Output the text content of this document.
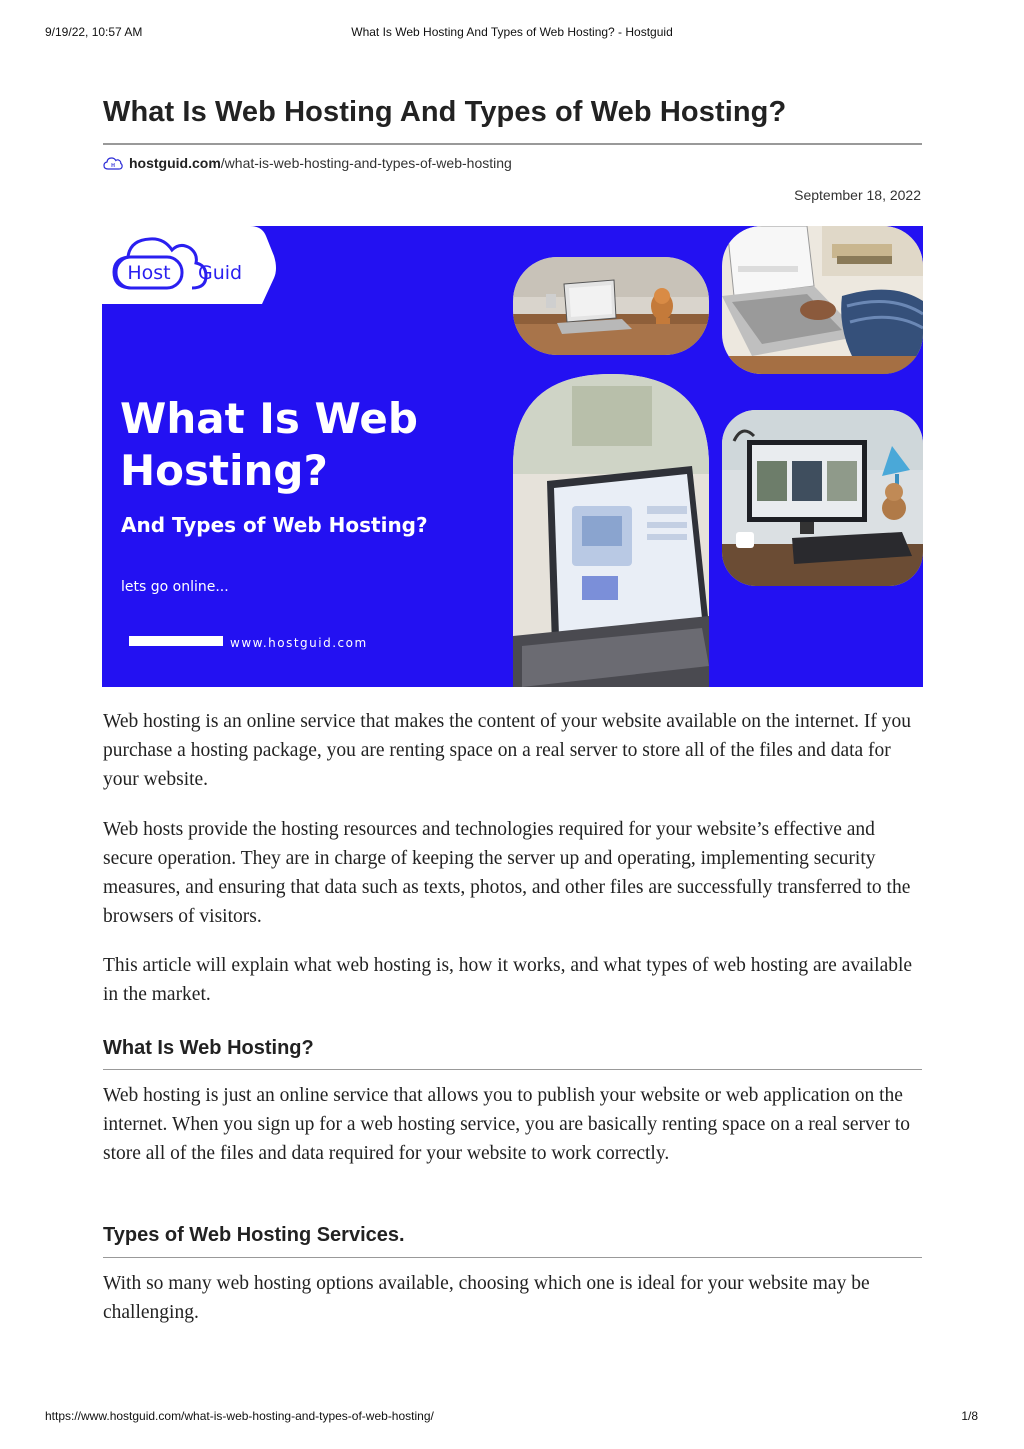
9/19/22, 10:57 AM	What Is Web Hosting And Types of Web Hosting? - Hostguid
What Is Web Hosting And Types of Web Hosting?
H hostguid.com /what-is-web-hosting-and-types-of-web-hosting
September 18, 2022
Host Guid
What Is Web
Hosting?
And Types of Web Hosting?
lets go online...
www.hostguid.com

Web hosting is an online service that makes the content of your website available on the internet. If you purchase a hosting package, you are renting space on a real server to store all of the files and data for your website.

Web hosts provide the hosting resources and technologies required for your website’s effective and secure operation. They are in charge of keeping the server up and operating, implementing security measures, and ensuring that data such as texts, photos, and other files are successfully transferred to the browsers of visitors.

This article will explain what web hosting is, how it works, and what types of web hosting are available in the market.

What Is Web Hosting?

Web hosting is just an online service that allows you to publish your website or web application on the internet. When you sign up for a web hosting service, you are basically renting space on a real server to store all of the files and data required for your website to work correctly.

Types of Web Hosting Services.

With so many web hosting options available, choosing which one is ideal for your website may be challenging.

https://www.hostguid.com/what-is-web-hosting-and-types-of-web-hosting/	1/8
